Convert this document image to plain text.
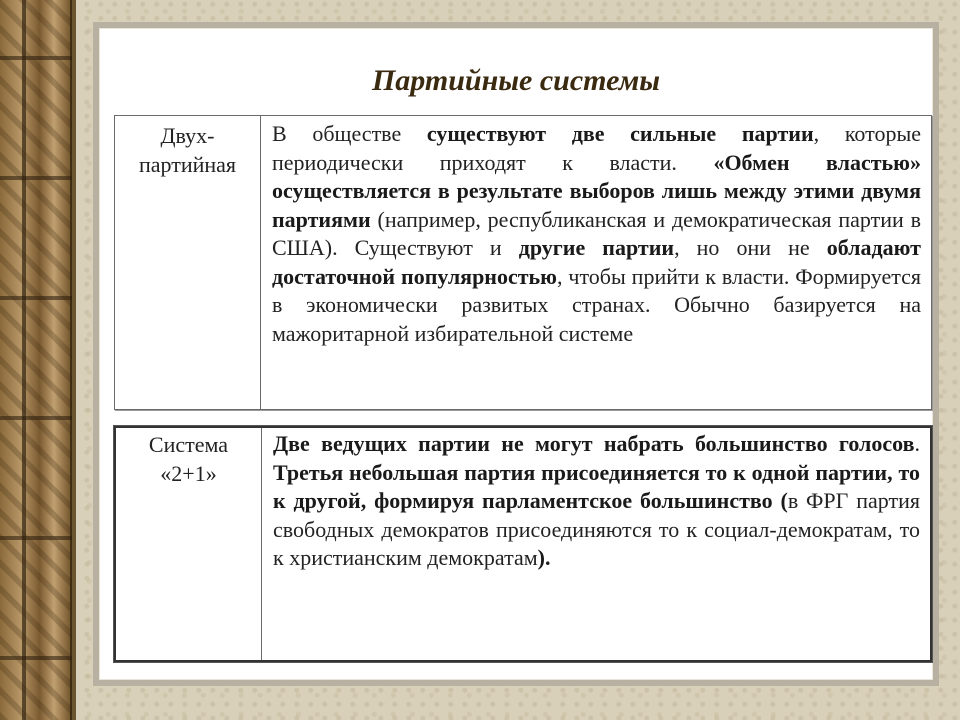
Партийные системы
Двух-
партийная
	В обществе существуют две сильные партии, которые периодически приходят к власти. «Обмен властью» осуществляется в результате выборов лишь между этими двумя партиями (например, республиканская и демократическая партии в США). Существуют и другие партии, но они не обладают достаточной популярностью, чтобы прийти к власти. Формируется в экономически развитых странах. Обычно базируется на мажоритарной избирательной системе
Система
«2+1»
	Две ведущих партии не могут набрать большинство голосов. Третья небольшая партия присоединяется то к одной партии, то к другой, формируя парламентское большинство (в ФРГ партия свободных демократов присоединяются то к социал-демократам, то к христианским демократам).
